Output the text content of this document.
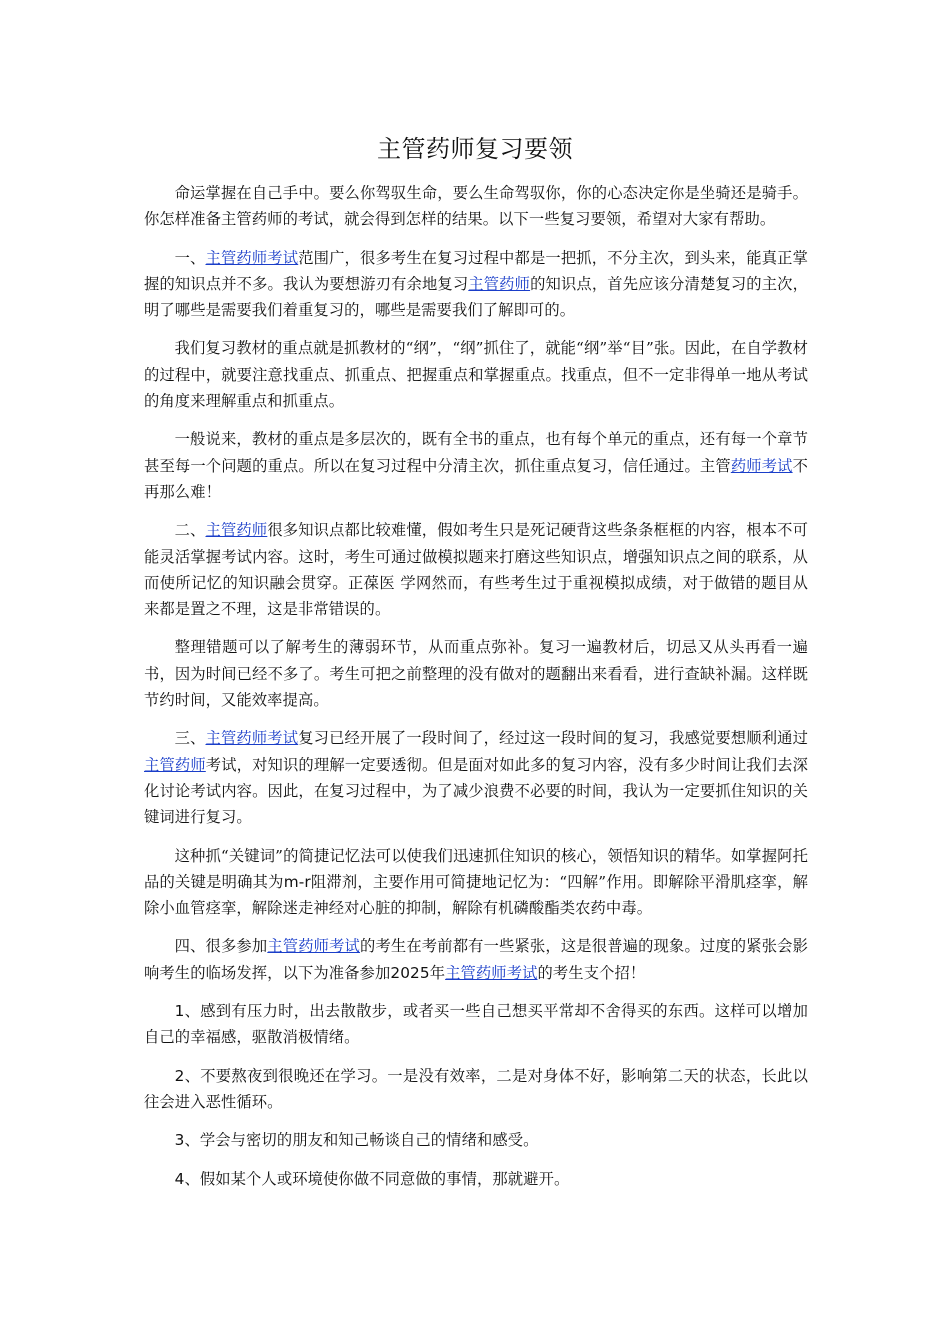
主管药师复习要领

命运掌握在自己手中。要么你驾驭生命，要么生命驾驭你，你的心态决定你是坐骑还是骑手。你怎样准备主管药师的考试，就会得到怎样的结果。以下一些复习要领，希望对大家有帮助。

一、主管药师考试范围广，很多考生在复习过程中都是一把抓，不分主次，到头来，能真正掌握的知识点并不多。我认为要想游刃有余地复习主管药师的知识点，首先应该分清楚复习的主次，明了哪些是需要我们着重复习的，哪些是需要我们了解即可的。

我们复习教材的重点就是抓教材的“纲”，“纲”抓住了，就能“纲”举“目”张。因此，在自学教材的过程中，就要注意找重点、抓重点、把握重点和掌握重点。找重点，但不一定非得单一地从考试的角度来理解重点和抓重点。

一般说来，教材的重点是多层次的，既有全书的重点，也有每个单元的重点，还有每一个章节甚至每一个问题的重点。所以在复习过程中分清主次，抓住重点复习，信任通过。主管药师考试不再那么难！

二、主管药师很多知识点都比较难懂，假如考生只是死记硬背这些条条框框的内容，根本不可能灵活掌握考试内容。这时，考生可通过做模拟题来打磨这些知识点，增强知识点之间的联系，从而使所记忆的知识融会贯穿。正葆医 学网然而，有些考生过于重视模拟成绩，对于做错的题目从来都是置之不理，这是非常错误的。

整理错题可以了解考生的薄弱环节，从而重点弥补。复习一遍教材后，切忌又从头再看一遍书，因为时间已经不多了。考生可把之前整理的没有做对的题翻出来看看，进行查缺补漏。这样既节约时间，又能效率提高。

三、主管药师考试复习已经开展了一段时间了，经过这一段时间的复习，我感觉要想顺利通过主管药师考试，对知识的理解一定要透彻。但是面对如此多的复习内容，没有多少时间让我们去深化讨论考试内容。因此，在复习过程中，为了减少浪费不必要的时间，我认为一定要抓住知识的关键词进行复习。

这种抓“关键词”的简捷记忆法可以使我们迅速抓住知识的核心，领悟知识的精华。如掌握阿托品的关键是明确其为m-r阻滞剂，主要作用可简捷地记忆为：“四解”作用。即解除平滑肌痉挛，解除小血管痉挛，解除迷走神经对心脏的抑制，解除有机磷酸酯类农药中毒。

四、很多参加主管药师考试的考生在考前都有一些紧张，这是很普遍的现象。过度的紧张会影响考生的临场发挥，以下为准备参加2025年主管药师考试的考生支个招！

1、感到有压力时，出去散散步，或者买一些自己想买平常却不舍得买的东西。这样可以增加自己的幸福感，驱散消极情绪。

2、不要熬夜到很晚还在学习。一是没有效率，二是对身体不好，影响第二天的状态，长此以往会进入恶性循环。

3、学会与密切的朋友和知己畅谈自己的情绪和感受。

4、假如某个人或环境使你做不同意做的事情，那就避开。
